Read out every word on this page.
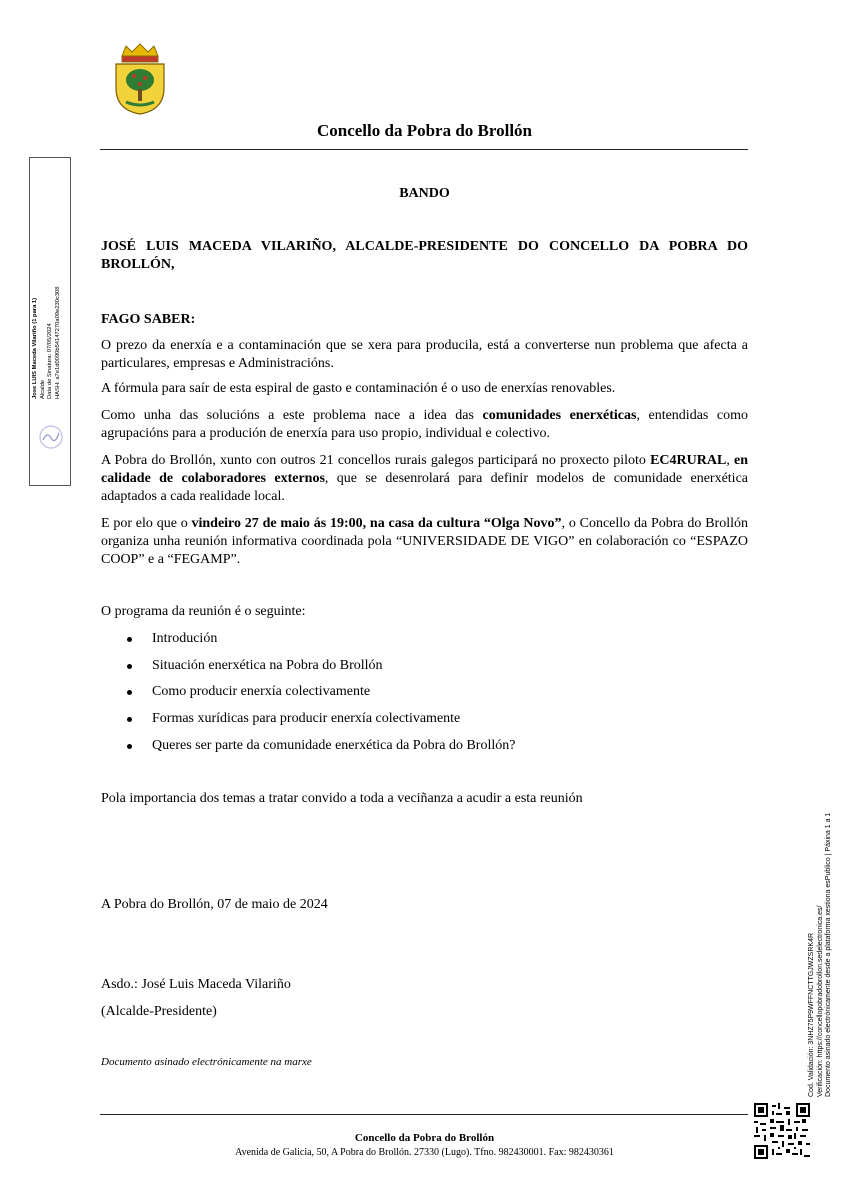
Concello da Pobra do Brollón
Jose LUIS Maceda Vilariño (1 para 1) Alcalde Data de Sinatura: 07/05/2024 HASH: a7e1d0090b54147270a09e230c308
BANDO
JOSÉ LUIS MACEDA VILARIÑO, ALCALDE-PRESIDENTE DO CONCELLO DA POBRA DO BROLLÓN,
FAGO SABER:
O prezo da enerxía e a contaminación que se xera para producila, está a converterse nun problema que afecta a particulares, empresas e Administracións.
A fórmula para saír de esta espiral de gasto e contaminación é o uso de enerxías renovables.
Como unha das solucións a este problema nace a idea das comunidades enerxéticas, entendidas como agrupacións para a produción de enerxía para uso propio, individual e colectivo.
A Pobra do Brollón, xunto con outros 21 concellos rurais galegos participará no proxecto piloto EC4RURAL, en calidade de colaboradores externos, que se desenrolará para definir modelos de comunidade enerxética adaptados a cada realidade local.
E por elo que o vindeiro 27 de maio ás 19:00, na casa da cultura “Olga Novo”, o Concello da Pobra do Brollón organiza unha reunión informativa coordinada pola “UNIVERSIDADE DE VIGO” en colaboración co “ESPAZO COOP” e a “FEGAMP”.
O programa da reunión é o seguinte:
Introdución
Situación enerxética na Pobra do Brollón
Como producir enerxía colectivamente
Formas xurídicas para producir enerxía colectivamente
Queres ser parte da comunidade enerxética da Pobra do Brollón?
Pola importancia dos temas a tratar convido a toda a veciñanza a acudir a esta reunión
A Pobra do Brollón, 07 de maio de 2024
Asdo.: José Luis Maceda Vilariño
(Alcalde-Presidente)
Documento asinado electrónicamente na marxe
Concello da Pobra do Brollón
Avenida de Galicia, 50, A Pobra do Brollón. 27330 (Lugo). Tfno. 982430001. Fax: 982430361
Cod. Validación: 3NHZ75P9WFFNCTTGJWZSRK4R Verificación: https://concellopobradobrollon.sedelectronica.es/ Documento asinado electrónicamente desde a plataforma xestiona esPublico | Páxina 1 a 1
